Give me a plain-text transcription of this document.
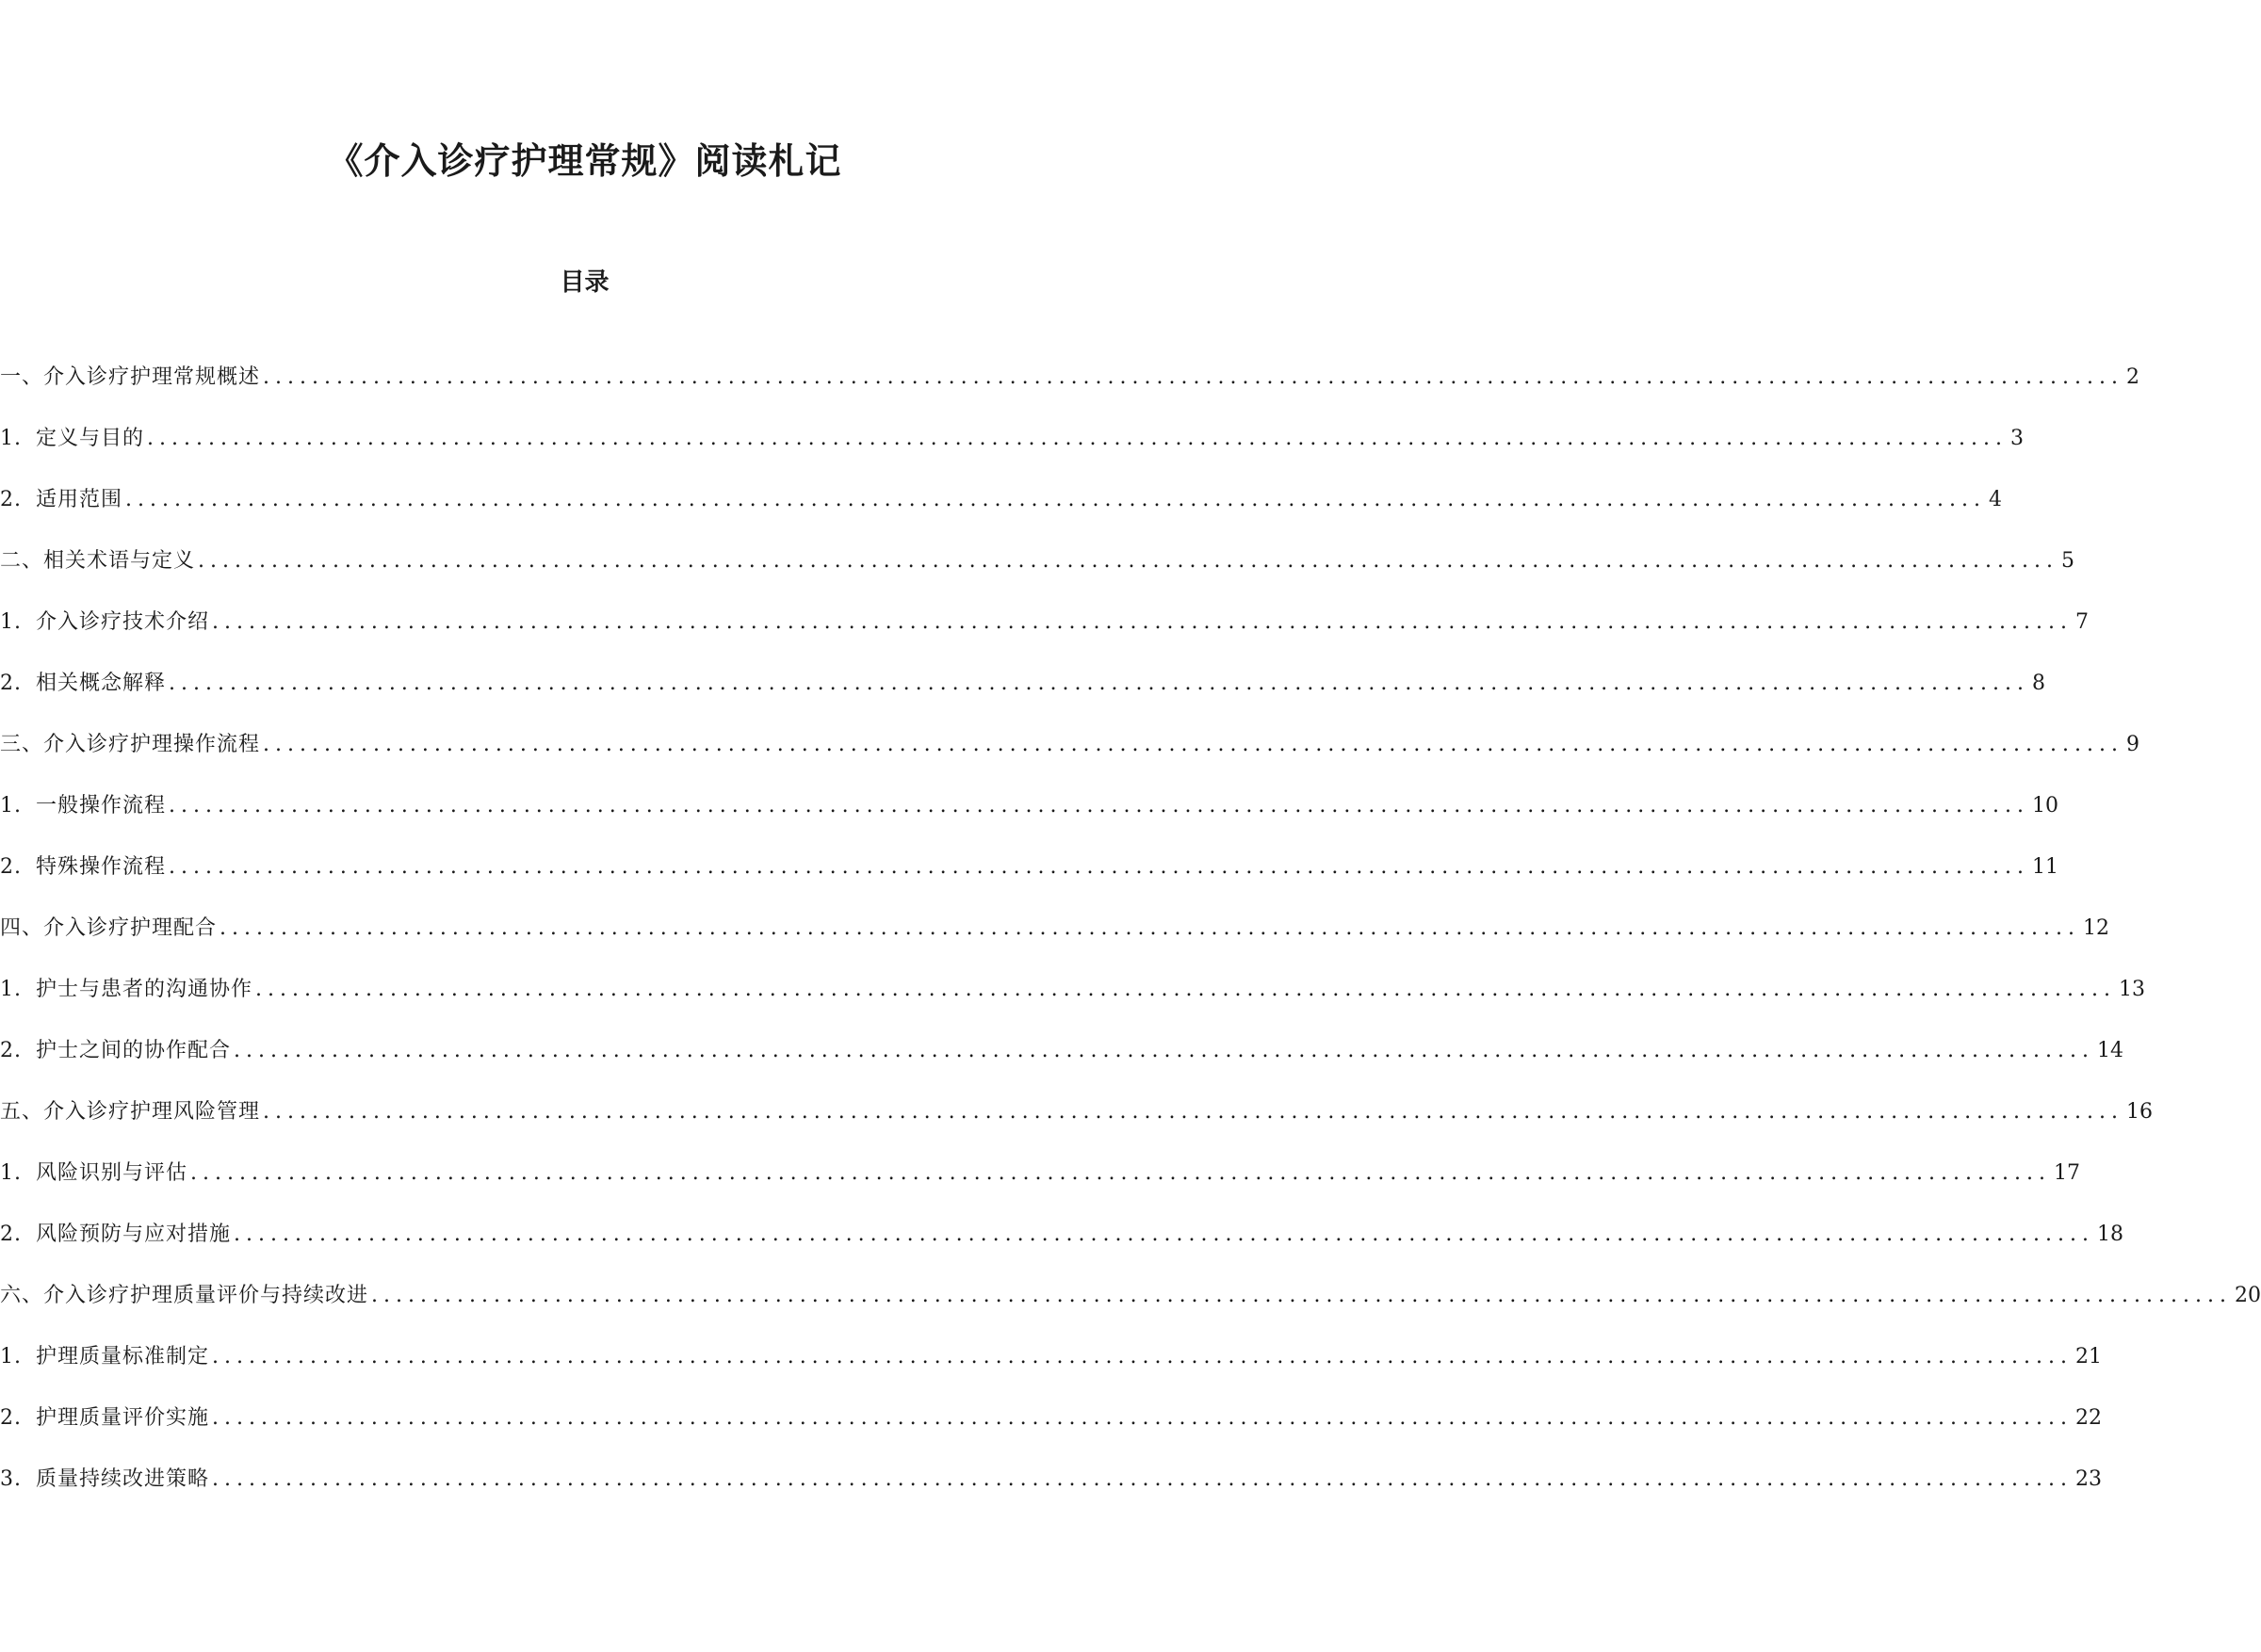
《介入诊疗护理常规》阅读札记
目录
一、介入诊疗护理常规概述 .....	2
1. 定义与目的 .....	3
2. 适用范围 .....	4
二、相关术语与定义 .....	5
1. 介入诊疗技术介绍 .....	7
2. 相关概念解释 .....	8
三、介入诊疗护理操作流程 .....	9
1. 一般操作流程 .....	10
2. 特殊操作流程 .....	11
四、介入诊疗护理配合 .....	12
1. 护士与患者的沟通协作 .....	13
2. 护士之间的协作配合 .....	14
五、介入诊疗护理风险管理 .....	16
1. 风险识别与评估 .....	17
2. 风险预防与应对措施 .....	18
六、介入诊疗护理质量评价与持续改进 .....	20
1. 护理质量标准制定 .....	21
2. 护理质量评价实施 .....	22
3. 质量持续改进策略 .....	23
